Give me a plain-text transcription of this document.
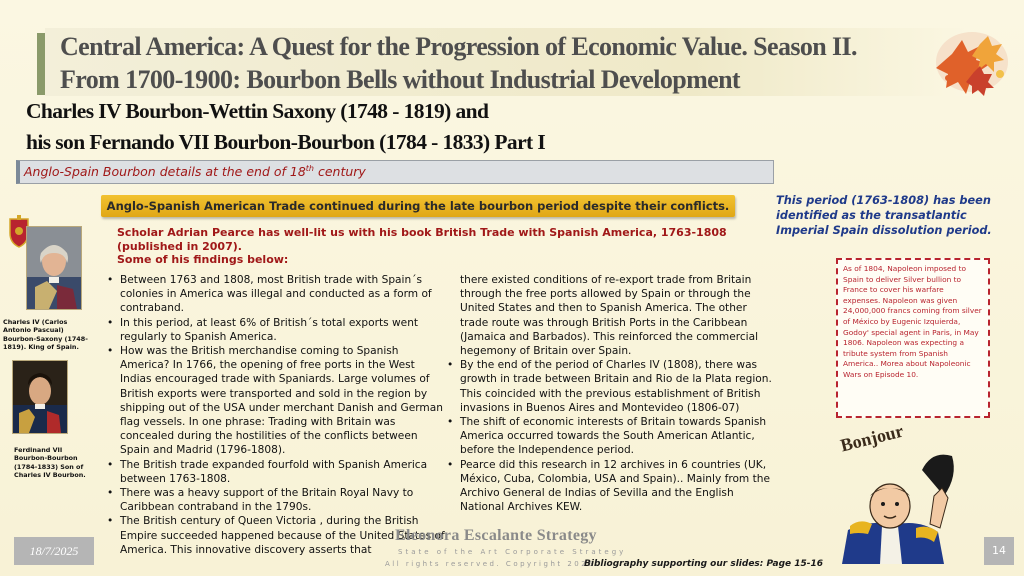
Central America: A Quest for the Progression of Economic Value. Season II.
From 1700-1900: Bourbon Bells without Industrial Development
Charles IV Bourbon-Wettin Saxony (1748 - 1819) and
his son Fernando VII Bourbon-Bourbon (1784 - 1833) Part I
Anglo-Spain Bourbon details at the end of 18th century
Anglo-Spanish American Trade continued during the late bourbon period despite their conflicts.	This period (1763-1808) has been identified as the transatlantic Imperial Spain dissolution period.
As of 1804, Napoleon imposed to Spain to deliver Silver bullion to France to cover his warfare expenses. Napoleon was given 24,000,000 francs coming from silver of México by Eugenic Izquierda, Godoy' special agent in Paris, in May 1806. Napoleon was expecting a tribute system from Spanish America.. Morea about Napoleonic Wars on Episode 10.
Charles IV (Carlos Antonio Pascual) Bourbon-Saxony (1748-1819). King of Spain.
Ferdinand VII Bourbon-Bourbon (1784-1833) Son of Charles IV Bourbon.
Scholar Adrian Pearce has well-lit us with his book British Trade with Spanish America, 1763-1808
(published in 2007).
Some of his findings below:
• Between 1763 and 1808, most British trade with Spain´s colonies in America was illegal and conducted as a form of contraband.
• In this period, at least 6% of British´s total exports went regularly to Spanish America.
• How was the British merchandise coming to Spanish America? In 1766, the opening of free ports in the West Indias encouraged trade with Spaniards. Large volumes of British exports were transported and sold in the region by shipping out of the USA under merchant Danish and German flag vessels. In one phrase: Trading with Britain was concealed during the hostilities of the conflicts between Spain and Madrid (1796-1808).
• The British trade expanded fourfold with Spanish America between 1763-1808.
• There was a heavy support of the Britain Royal Navy to Caribbean contraband in the 1790s.
• The British century of Queen Victoria , during the British Empire succeeded happened because of the United States of America. This innovative discovery asserts that
there existed conditions of re-export trade from Britain through the free ports allowed by Spain or through the United States and then to Spanish America. The other trade route was through British Ports in the Caribbean (Jamaica and Barbados). This reinforced the commercial hegemony of Britain over Spain.
• By the end of the period of Charles IV (1808), there was growth in trade between Britain and Rio de la Plata region. This coincided with the previous establishment of British invasions in Buenos Aires and Montevideo (1806-07)
• The shift of economic interests of Britain towards Spanish America occurred towards the South American Atlantic, before the Independence period.
• Pearce did this research in 12 archives in 6 countries (UK, México, Cuba, Colombia, USA and Spain).. Mainly from the Archivo General de Indias of Sevilla and the English National Archives KEW.
Bonjour
18/7/2025
Eleonora Escalante Strategy
State of the Art Corporate Strategy
All rights reserved. Copyright 2025
Bibliography supporting our slides: Page 15-16
14
